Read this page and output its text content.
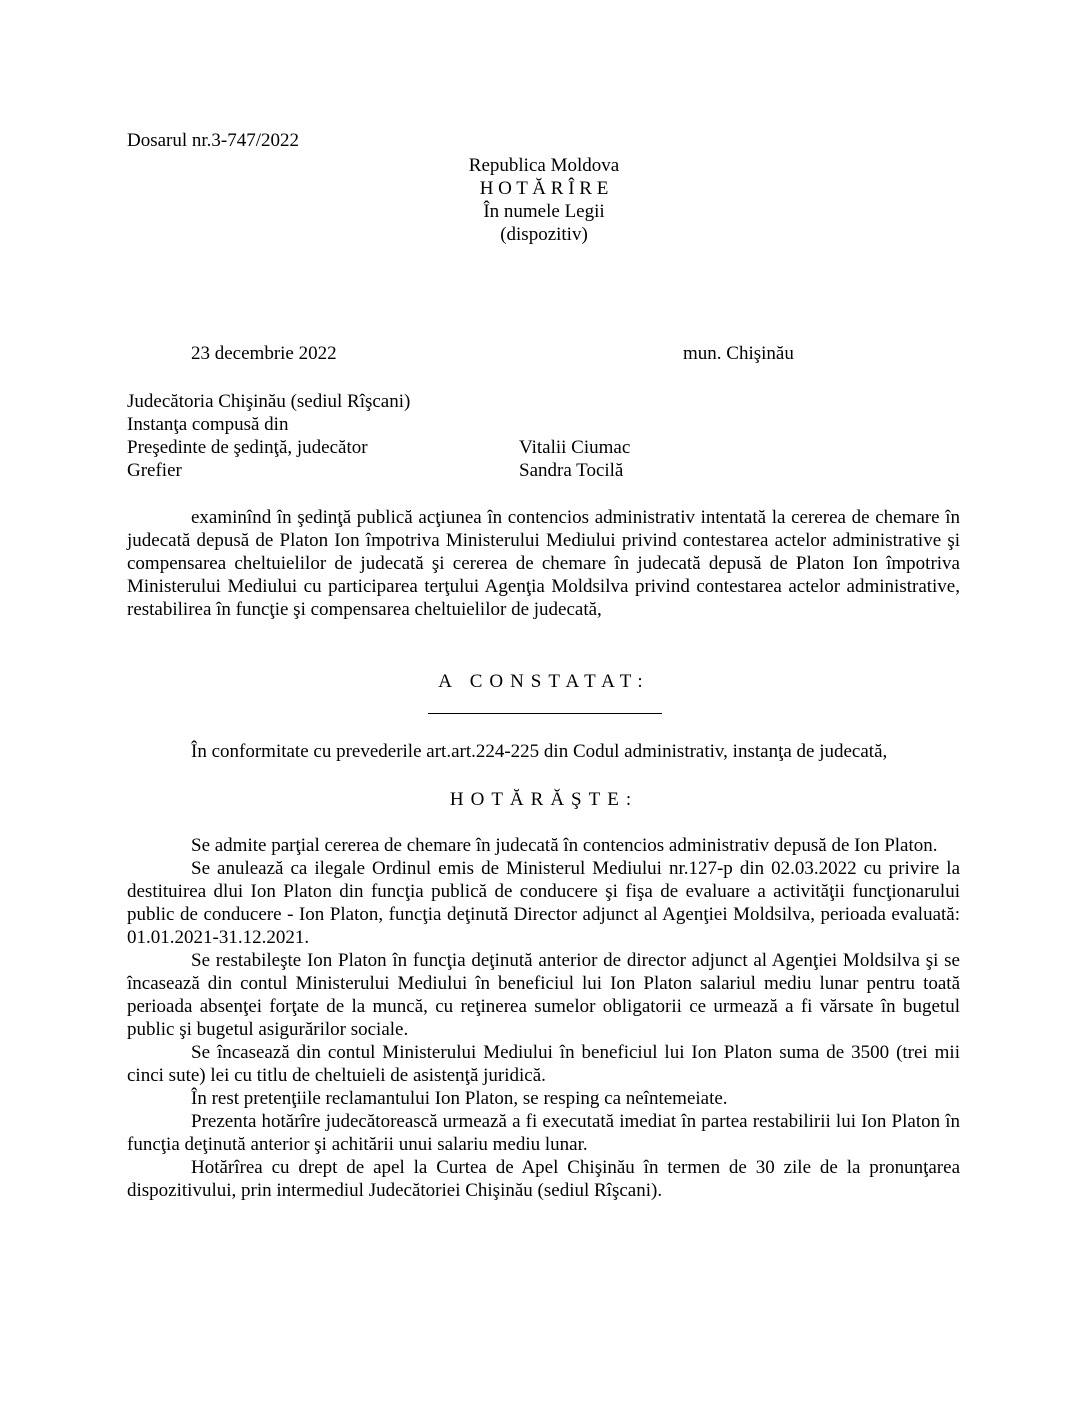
Dosarul nr.3-747/2022
Republica Moldova
H O T Ă R Î R E
În numele Legii
(dispozitiv)
23 decembrie 2022	mun. Chişinău
Judecătoria Chişinău (sediul Rîşcani)
Instanţa compusă din
Preşedinte de şedinţă, judecător	Vitalii Ciumac
Grefier	Sandra Tocilă

examinînd în şedinţă publică acţiunea în contencios administrativ intentată la cererea de chemare în judecată depusă de Platon Ion împotriva Ministerului Mediului privind contestarea actelor administrative şi compensarea cheltuielilor de judecată şi cererea de chemare în judecată depusă de Platon Ion împotriva Ministerului Mediului cu participarea terţului Agenţia Moldsilva privind contestarea actelor administrative, restabilirea în funcţie şi compensarea cheltuielilor de judecată,

A CONSTATAT:
În conformitate cu prevederile art.art.224-225 din Codul administrativ, instanţa de judecată,
HOTĂRĂŞTE:

Se admite parţial cererea de chemare în judecată în contencios administrativ depusă de Ion Platon.

Se anulează ca ilegale Ordinul emis de Ministerul Mediului nr.127-p din 02.03.2022 cu privire la destituirea dlui Ion Platon din funcţia publică de conducere şi fişa de evaluare a activităţii funcţionarului public de conducere - Ion Platon, funcţia deţinută Director adjunct al Agenţiei Moldsilva, perioada evaluată: 01.01.2021-31.12.2021.

Se restabileşte Ion Platon în funcţia deţinută anterior de director adjunct al Agenţiei Moldsilva şi se încasează din contul Ministerului Mediului în beneficiul lui Ion Platon salariul mediu lunar pentru toată perioada absenţei forţate de la muncă, cu reţinerea sumelor obligatorii ce urmează a fi vărsate în bugetul public şi bugetul asigurărilor sociale.

Se încasează din contul Ministerului Mediului în beneficiul lui Ion Platon suma de 3500 (trei mii cinci sute) lei cu titlu de cheltuieli de asistenţă juridică.

În rest pretenţiile reclamantului Ion Platon, se resping ca neîntemeiate.

Prezenta hotărîre judecătorească urmează a fi executată imediat în partea restabilirii lui Ion Platon în funcţia deţinută anterior şi achitării unui salariu mediu lunar.

Hotărîrea cu drept de apel la Curtea de Apel Chişinău în termen de 30 zile de la pronunţarea dispozitivului, prin intermediul Judecătoriei Chişinău (sediul Rîşcani).
